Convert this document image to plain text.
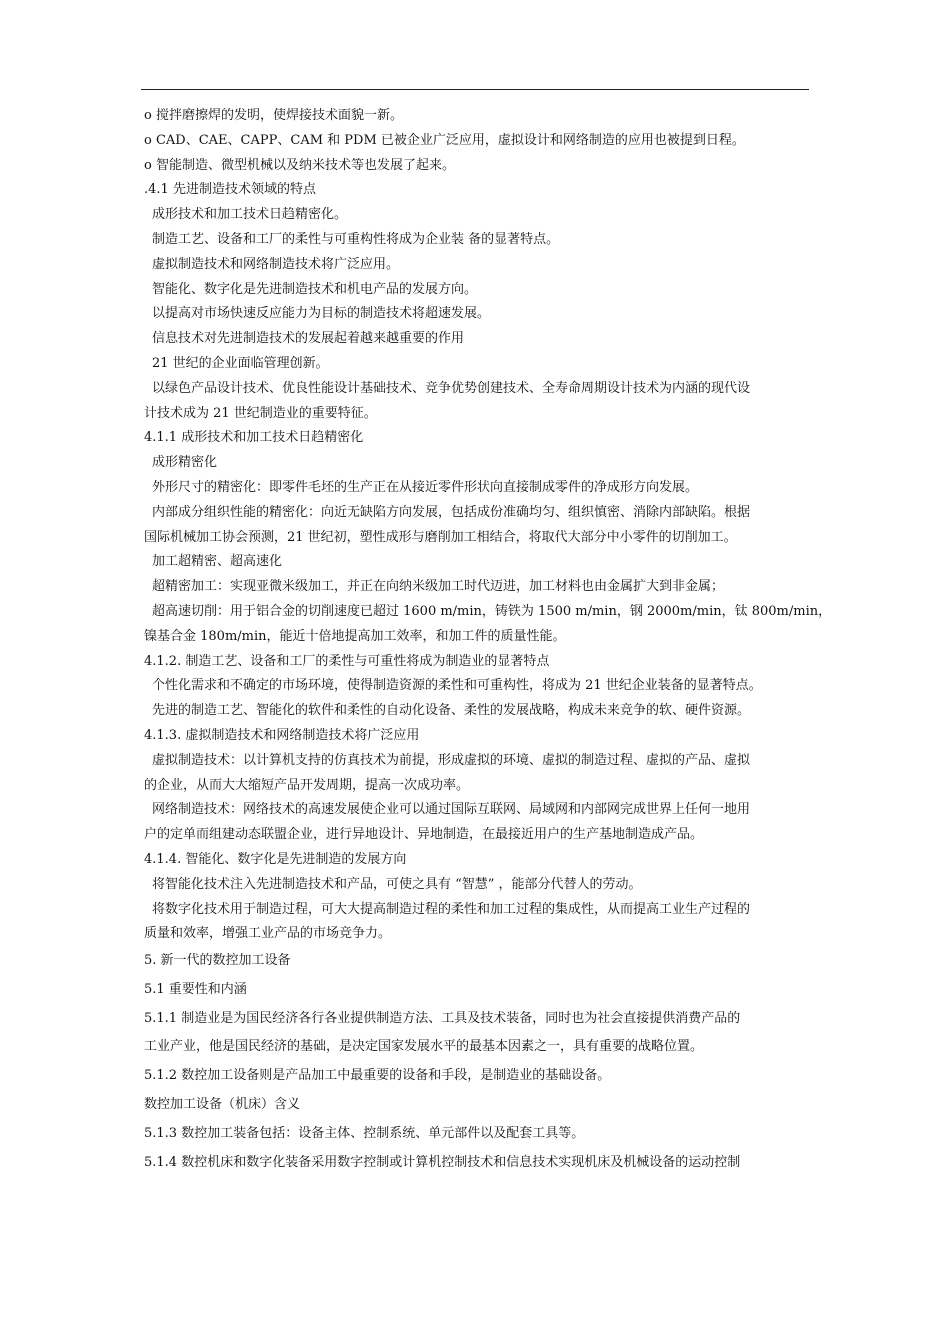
o 搅拌磨擦焊的发明，使焊接技术面貌一新。
o CAD、CAE、CAPP、CAM 和 PDM 已被企业广泛应用，虚拟设计和网络制造的应用也被提到日程。
o 智能制造、微型机械以及纳米技术等也发展了起来。
.4.1 先进制造技术领域的特点
成形技术和加工技术日趋精密化。
制造工艺、设备和工厂的柔性与可重构性将成为企业装 备的显著特点。
虚拟制造技术和网络制造技术将广泛应用。
智能化、数字化是先进制造技术和机电产品的发展方向。
以提高对市场快速反应能力为目标的制造技术将超速发展。
信息技术对先进制造技术的发展起着越来越重要的作用
21 世纪的企业面临管理创新。
以绿色产品设计技术、优良性能设计基础技术、竞争优势创建技术、全寿命周期设计技术为内涵的现代设
计技术成为 21 世纪制造业的重要特征。
4.1.1 成形技术和加工技术日趋精密化
成形精密化
外形尺寸的精密化：即零件毛坯的生产正在从接近零件形状向直接制成零件的净成形方向发展。
内部成分组织性能的精密化：向近无缺陷方向发展，包括成份准确均匀、组织慎密、消除内部缺陷。根据
国际机械加工协会预测，21 世纪初，塑性成形与磨削加工相结合，将取代大部分中小零件的切削加工。
加工超精密、超高速化
超精密加工：实现亚微米级加工，并正在向纳米级加工时代迈进，加工材料也由金属扩大到非金属；
超高速切削：用于铝合金的切削速度已超过 1600 m/min，铸铁为 1500 m/min，钢 2000m/min，钛 800m/min，
镍基合金 180m/min，能近十倍地提高加工效率，和加工件的质量性能。
4.1.2. 制造工艺、设备和工厂的柔性与可重性将成为制造业的显著特点
个性化需求和不确定的市场环境，使得制造资源的柔性和可重构性，将成为 21 世纪企业装备的显著特点。
先进的制造工艺、智能化的软件和柔性的自动化设备、柔性的发展战略，构成未来竞争的软、硬件资源。
4.1.3. 虚拟制造技术和网络制造技术将广泛应用
虚拟制造技术：以计算机支持的仿真技术为前提，形成虚拟的环境、虚拟的制造过程、虚拟的产品、虚拟
的企业，从而大大缩短产品开发周期，提高一次成功率。
网络制造技术：网络技术的高速发展使企业可以通过国际互联网、局域网和内部网完成世界上任何一地用
户的定单而组建动态联盟企业，进行异地设计、异地制造，在最接近用户的生产基地制造成产品。
4.1.4. 智能化、数字化是先进制造的发展方向
将智能化技术注入先进制造技术和产品，可使之具有 “智慧” ，能部分代替人的劳动。
将数字化技术用于制造过程，可大大提高制造过程的柔性和加工过程的集成性，从而提高工业生产过程的
质量和效率，增强工业产品的市场竞争力。
5. 新一代的数控加工设备
5.1 重要性和内涵
5.1.1 制造业是为国民经济各行各业提供制造方法、工具及技术装备，同时也为社会直接提供消费产品的
工业产业，他是国民经济的基础，是决定国家发展水平的最基本因素之一，具有重要的战略位置。
5.1.2 数控加工设备则是产品加工中最重要的设备和手段，是制造业的基础设备。
数控加工设备（机床）含义
5.1.3 数控加工装备包括：设备主体、控制系统、单元部件以及配套工具等。
5.1.4 数控机床和数字化装备采用数字控制或计算机控制技术和信息技术实现机床及机械设备的运动控制
